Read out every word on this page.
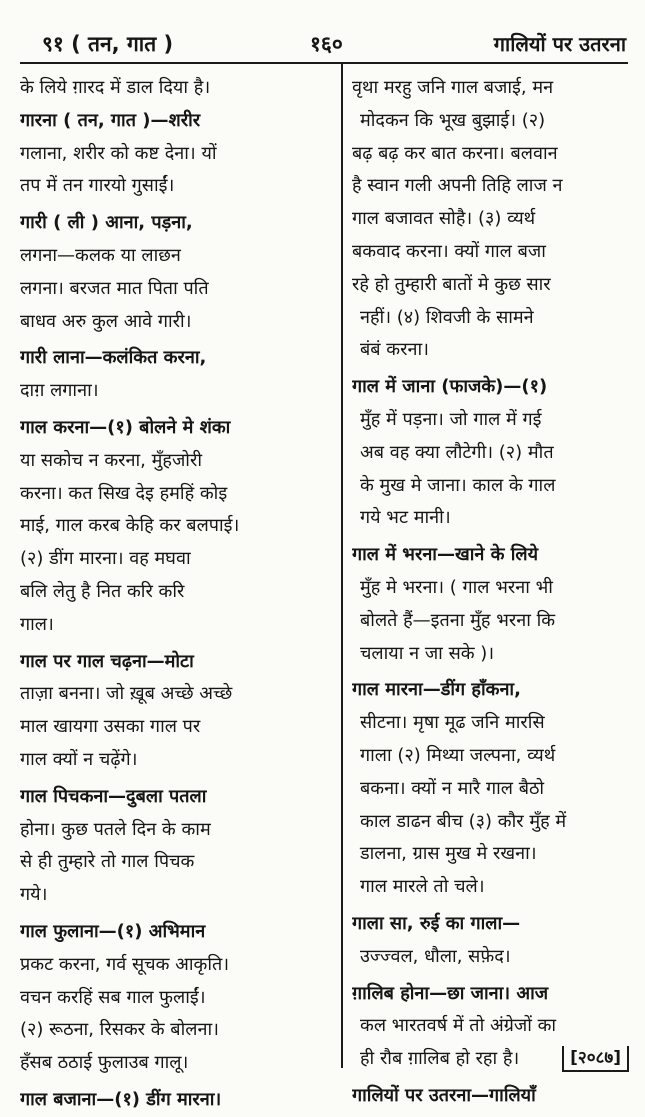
९१ ( तन, गात )	१६०	गालियों पर उतरना
के लिये ग़ारद में डाल दिया है।
गारना ( तन, गात )—शरीर
गलाना, शरीर को कष्ट देना। यों
तप में तन गारयो गुसाईं।
गारी ( ली ) आना, पड़ना,
लगना—कलक या लाछन
लगना। बरजत मात पिता पति
बाधव अरु कुल आवे गारी।
गारी लाना—कलंकित करना,
दाग़ लगाना।
गाल करना—(१) बोलने मे शंका
या सकोच न करना, मुँहजोरी
करना। कत सिख देइ हमहिं कोइ
माई, गाल करब केहि कर बलपाई।
(२) डींग मारना। वह मघवा
बलि लेतु है नित करि करि
गाल।
गाल पर गाल चढ़ना—मोटा
ताज़ा बनना। जो ख़ूब अच्छे अच्छे
माल खायगा उसका गाल पर
गाल क्यों न चढ़ेंगे।
गाल पिचकना—दुबला पतला
होना। कुछ पतले दिन के काम
से ही तुम्हारे तो गाल पिचक
गये।
गाल फुलाना—(१) अभिमान
प्रकट करना, गर्व सूचक आकृति।
वचन करहिं सब गाल फुलाईं।
(२) रूठना, रिसकर के बोलना।
हँसब ठठाई फुलाउब गालू।
गाल बजाना—(१) डींग मारना।
वृथा मरहु जनि गाल बजाई, मन
मोदकन कि भूख बुझाई। (२)
बढ़ बढ़ कर बात करना। बलवान
है स्वान गली अपनी तिहि लाज न
गाल बजावत सोहै। (३) व्यर्थ
बकवाद करना। क्यों गाल बजा
रहे हो तुम्हारी बातों मे कुछ सार
नहीं। (४) शिवजी के सामने
बंबं करना।
गाल में जाना (फाजके)—(१)
मुँह में पड़ना। जो गाल में गई
अब वह क्या लौटेगी। (२) मौत
के मुख मे जाना। काल के गाल
गये भट मानी।
गाल में भरना—खाने के लिये
मुँह मे भरना। ( गाल भरना भी
बोलते हैं—इतना मुँह भरना कि
चलाया न जा सके )।
गाल मारना—डींग हाँकना,
सीटना। मृषा मूढ जनि मारसि
गाला (२) मिथ्या जल्पना, व्यर्थ
बकना। क्यों न मारै गाल बैठो
काल डाढन बीच (३) कौर मुँह में
डालना, ग्रास मुख मे रखना।
गाल मारले तो चले।
गाला सा, रुई का गाला—
उज्ज्वल, धौला, सफ़ेद।
ग़ालिब होना—छा जाना। आज
कल भारतवर्ष में तो अंग्रेजों का
ही रौब ग़ालिब हो रहा है।
गालियों पर उतरना—गालियाँ
[२०८७]
